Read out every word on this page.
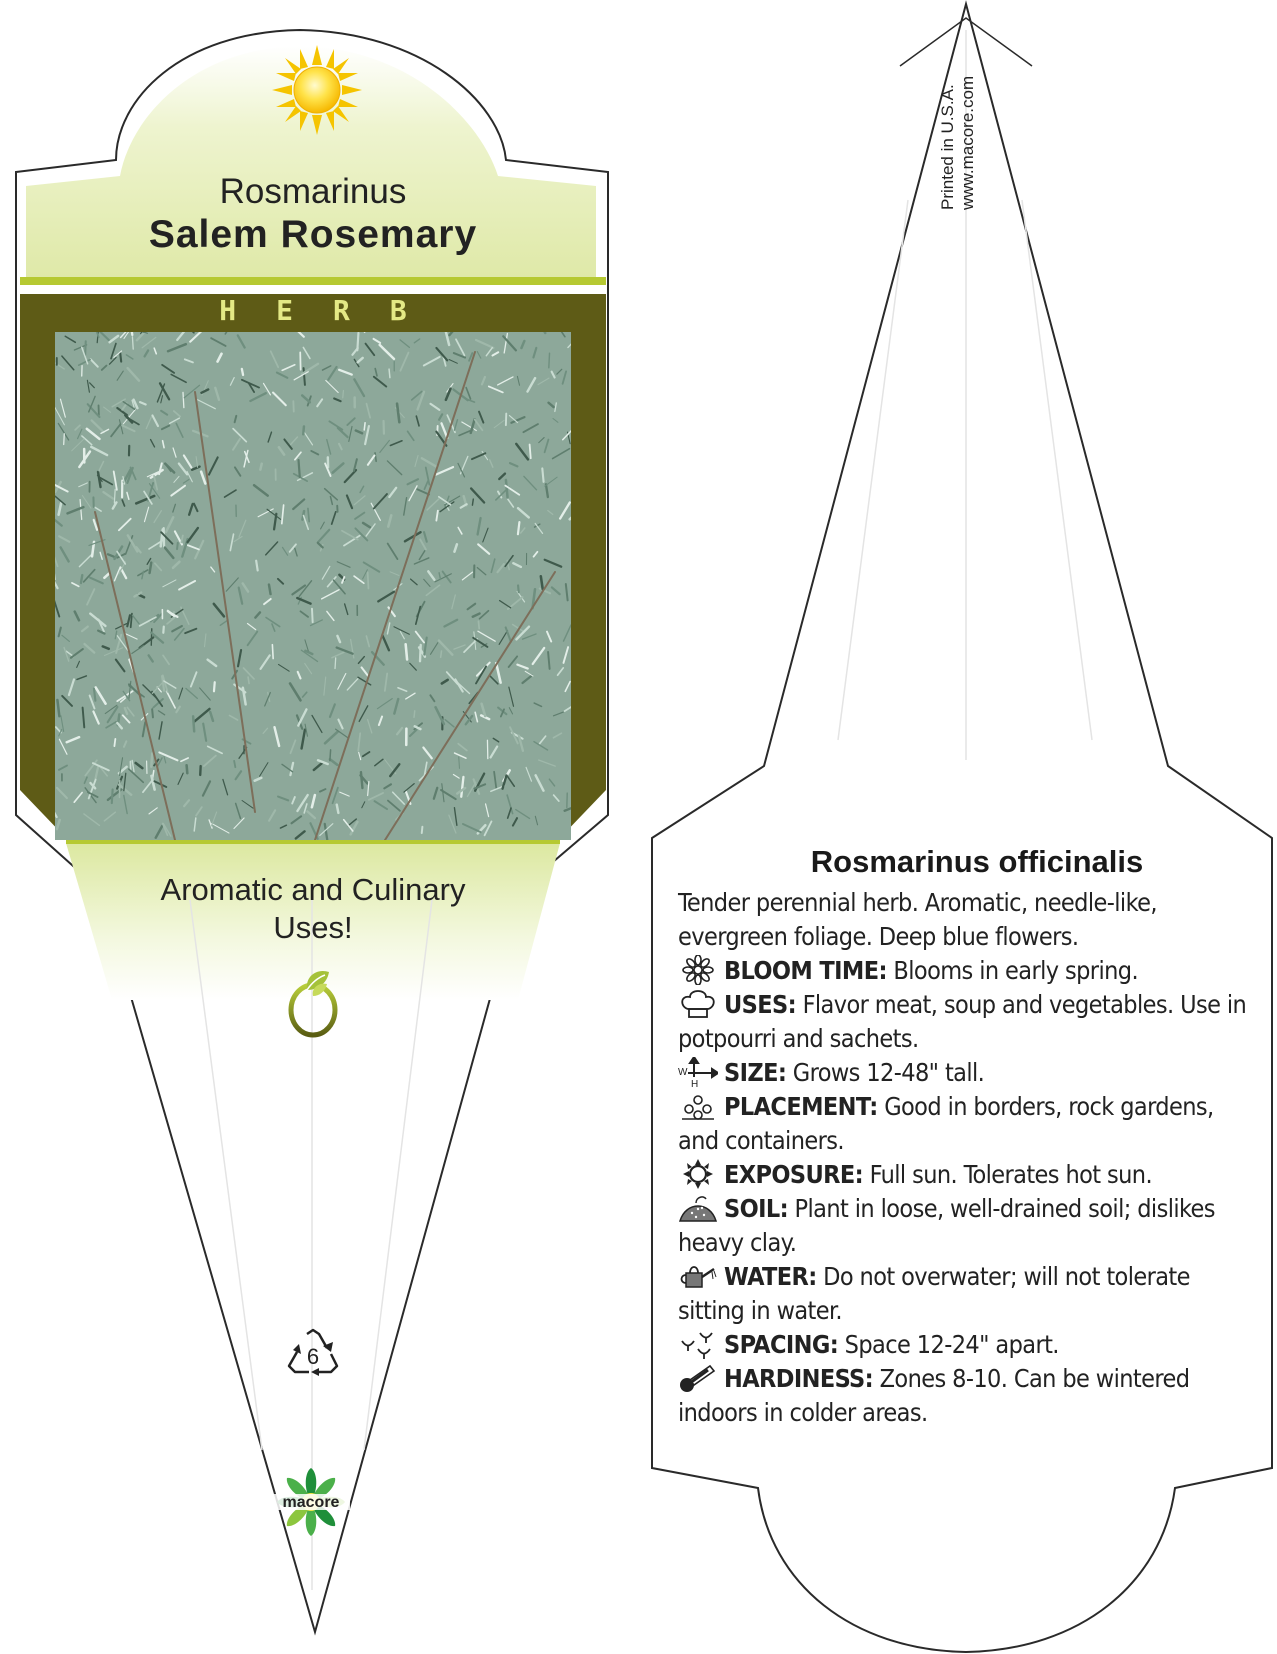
Rosmarinus
Salem Rosemary
HERB
Aromatic and Culinary
Uses!
6
macore
Printed in U.S.A. www.macore.com
Rosmarinus officinalis

Tender perennial herb. Aromatic, needle-like, evergreen foliage. Deep blue flowers.

BLOOM TIME: Blooms in early spring.

USES: Flavor meat, soup and vegetables. Use in potpourri and sachets.

W
H SIZE: Grows 12-48" tall.

PLACEMENT: Good in borders, rock gardens, and containers.

EXPOSURE: Full sun. Tolerates hot sun.

SOIL: Plant in loose, well-drained soil; dislikes heavy clay.

WATER: Do not overwater; will not tolerate sitting in water.

SPACING: Space 12-24" apart.

HARDINESS: Zones 8-10. Can be wintered indoors in colder areas.
